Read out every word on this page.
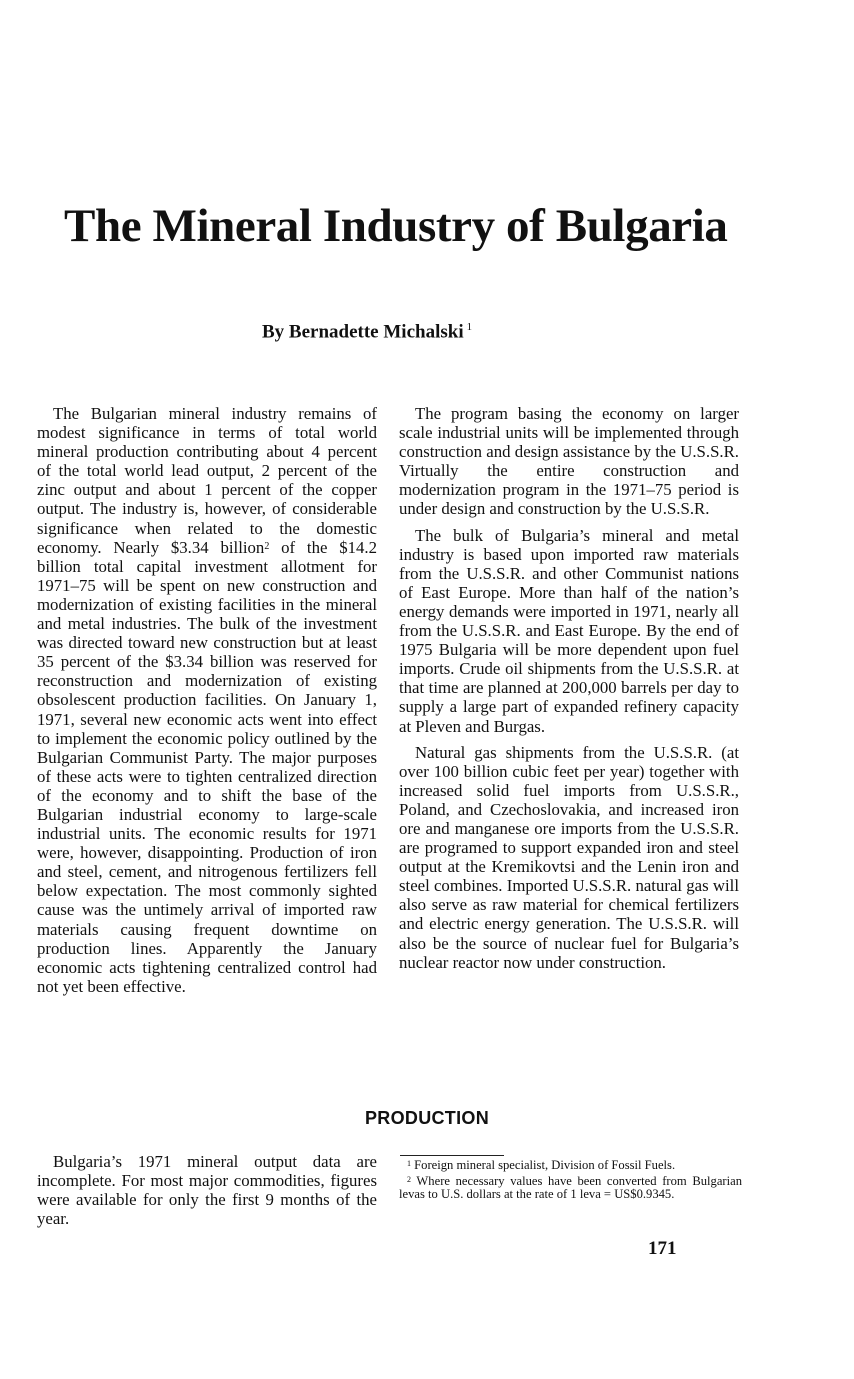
The Mineral Industry of Bulgaria

By Bernadette Michalski $^1$

The Bulgarian mineral industry remains of modest significance in terms of total world mineral production contributing about 4 percent of the total world lead output, 2 percent of the zinc output and about 1 percent of the copper output. The industry is, however, of considerable significance when related to the domestic economy. Nearly $3.34 billion$^2$ of the $14.2 billion total capital investment allotment for 1971–75 will be spent on new construction and modernization of existing facilities in the mineral and metal industries. The bulk of the investment was directed toward new construction but at least 35 percent of the $3.34 billion was reserved for reconstruction and modernization of existing obsolescent production facilities. On January 1, 1971, several new economic acts went into effect to implement the economic policy outlined by the Bulgarian Communist Party. The major purposes of these acts were to tighten centralized direction of the economy and to shift the base of the Bulgarian industrial economy to large-scale industrial units. The economic results for 1971 were, however, disappointing. Production of iron and steel, cement, and nitrogenous fertilizers fell below expectation. The most commonly sighted cause was the untimely arrival of imported raw materials causing frequent downtime on production lines. Apparently the January economic acts tightening centralized control had not yet been effective.

The program basing the economy on larger scale industrial units will be implemented through construction and design assistance by the U.S.S.R. Virtually the entire construction and modernization program in the 1971–75 period is under design and construction by the U.S.S.R.

The bulk of Bulgaria’s mineral and metal industry is based upon imported raw materials from the U.S.S.R. and other Communist nations of East Europe. More than half of the nation’s energy demands were imported in 1971, nearly all from the U.S.S.R. and East Europe. By the end of 1975 Bulgaria will be more dependent upon fuel imports. Crude oil shipments from the U.S.S.R. at that time are planned at 200,000 barrels per day to supply a large part of expanded refinery capacity at Pleven and Burgas.

Natural gas shipments from the U.S.S.R. (at over 100 billion cubic feet per year) together with increased solid fuel imports from U.S.S.R., Poland, and Czechoslovakia, and increased iron ore and manganese ore imports from the U.S.S.R. are programed to support expanded iron and steel output at the Kremikovtsi and the Lenin iron and steel combines. Imported U.S.S.R. natural gas will also serve as raw material for chemical fertilizers and electric energy generation. The U.S.S.R. will also be the source of nuclear fuel for Bulgaria’s nuclear reactor now under construction.

PRODUCTION

Bulgaria’s 1971 mineral output data are incomplete. For most major commodities, figures were available for only the first 9 months of the year.

$^1$ Foreign mineral specialist, Division of Fossil Fuels.

$^2$ Where necessary values have been converted from Bulgarian levas to U.S. dollars at the rate of 1 leva = US$0.9345.

171
